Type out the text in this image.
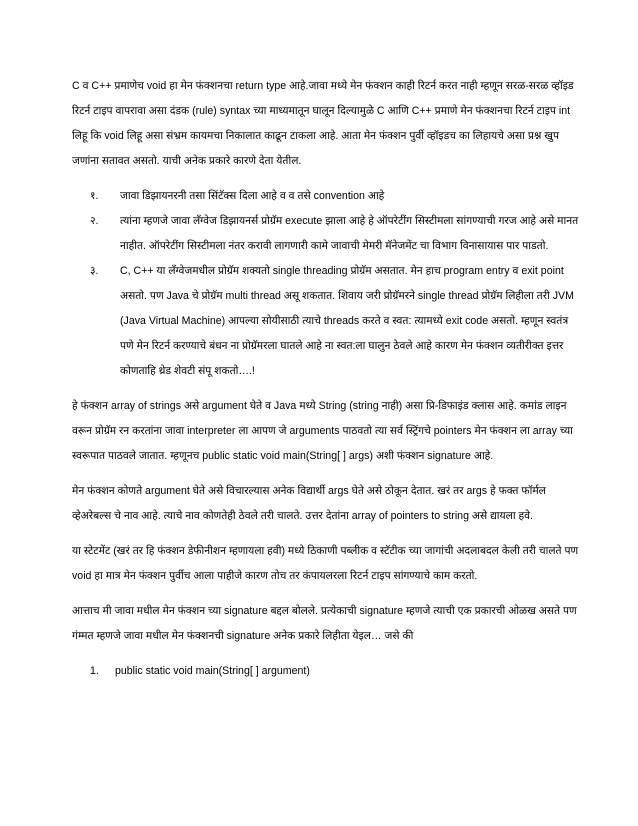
C व C++ प्रमाणेच void हा मेन फंक्शनचा return type आहे.जावा मध्ये मेन फंक्शन काही रिटर्न करत नाही म्हणून सरळ-सरळ व्हॉइड रिटर्न टाइप वापरावा असा दंडक (rule) syntax च्या माध्यमातून घालून दिल्यामुळे C आणि C++ प्रमाणे मेन फंक्शनचा रिटर्न टाइप int लिहू कि void लिहू असा संभ्रम कायमचा निकालात काढून टाकला आहे. आता मेन फंक्शन पुर्वी व्हॉइडच का लिहायचे असा प्रश्न खुप जणांना सतावत असतो. याची अनेक प्रकारे कारणे देता येतील.

१. जावा डिझायनरनी तसा सिंटॅक्स दिला आहे व व तसे convention आहे
२. त्यांना म्हणजे जावा लॅंग्वेज डिझायनर्स प्रोग्रॅम execute झाला आहे हे ऑपरेटींग सिस्टीमला सांगण्याची गरज आहे असे मानत नाहीत. ऑपरेटींग सिस्टीमला नंतर करावी लागणारी कामे जावाची मेमरी मॅनेजमेंट चा विभाग विनासायास पार पाडतो.
३. C, C++ या लॅंग्वेजमधील प्रोग्रॅम शक्यतो single threading प्रोग्रॅम असतात. मेन हाच program entry व exit point असतो. पण Java चे प्रोग्रॅम multi thread असू शकतात. शिवाय जरी प्रोग्रॅमरने single thread प्रोग्रॅम लिहीला तरी JVM (Java Virtual Machine) आपल्या सोयीसाठी त्याचे threads करते व स्वत: त्यामध्ये exit code असतो. म्हणून स्वतंत्र पणे मेन रिटर्न करण्याचे बंधन ना प्रोग्रॅमरला घातले आहे ना स्वत:ला घालुन ठेवले आहे कारण मेन फंक्शन व्यतीरीक्त इत्तर कोणताहि थ्रेड शेवटी संपू शकतो….!

हे फंक्शन array of strings असे argument घेते व Java मध्ये String (string नाही) असा प्रि-डिफाइंड क्लास आहे. कमांड लाइन वरून प्रोग्रॅम रन करतांना जावा interpreter ला आपण जे arguments पाठवतो त्या सर्व स्ट्रिंगचे pointers मेन फंक्शन ला array च्या स्वरूपात पाठवले जातात. म्हणूनच public static void main(String[ ] args) अशी फंक्शन signature आहे.

मेन फंक्शन कोणते argument घेते असे विचारल्यास अनेक विद्यार्थी args घेते असे ठोकून देतात. खरं तर args हे फक्त फॉर्मल व्हेअरेबल्स चे नाव आहे. त्याचे नाव कोणतेही ठेवले तरी चालते. उत्तर देतांना array of pointers to string असे द्यायला हवे.

या स्टेटमेंट (खरं तर हि फंक्शन डेफीनीशन म्हणायला हवी) मध्ये ठिकाणी पब्लीक व स्टॅटीक च्या जागांची अदलाबदल केली तरी चालते पण void हा मात्र मेन फंक्शन पुर्वीच आला पाहीजे कारण तोच तर कंपायलरला रिटर्न टाइप सांगण्याचे काम करतो.

आत्ताच मी जावा मधील मेन फंक्शन च्या signature बद्दल बोलले. प्रत्येकाची signature म्हणजे त्याची एक प्रकारची ओळख असते पण गंम्मत म्हणजे जावा मधील मेन फंक्शनची signature अनेक प्रकारे लिहीता येइल… जसे की

1. public static void main(String[ ] argument)
